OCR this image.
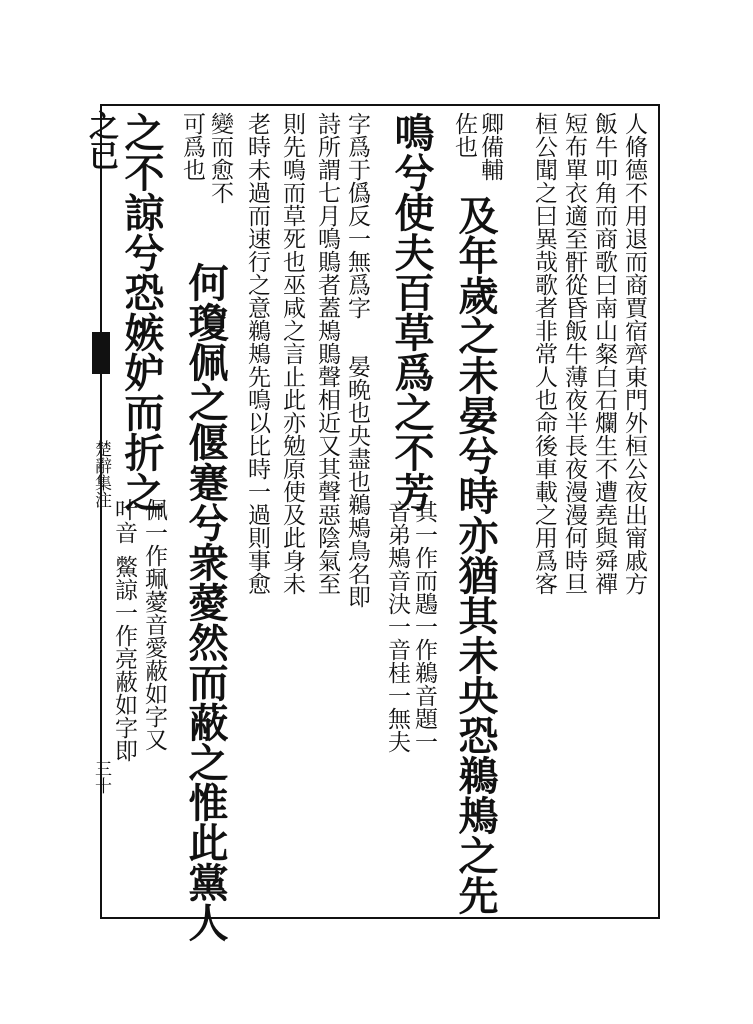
之已
楚辭集注
三十
人脩德不用退而商賈宿齊東門外桓公夜出甯戚方
飯牛叩角而商歌曰南山粲白石爛生不遭堯與舜禪
短布單衣適至骭從昏飯牛薄夜半長夜漫漫何時旦
桓公聞之曰異哉歌者非常人也命後車載之用爲客
卿備輔
及年歲之未晏兮時亦猶其未央恐鵜鴂之先
佐也
鳴兮使夫百草爲之不芳
其一作而鶗一作鵜音題一
音弟鴂音決一音桂一無夫
字爲于僞反一無爲字
晏晩也央盡也鵜鴂鳥名即
詩所謂七月鳴鵙者蓋鴂鵙聲相近又其聲惡陰氣至
則先鳴而草死也巫咸之言止此亦勉原使及此身未
老時未過而速行之意鵜鴂先鳴以比時一過則事愈
變而愈不
何瓊佩之偃蹇兮衆薆然而蔽之惟此黨人
可爲也
之不諒兮恐嫉妒而折之
佩一作珮薆音愛蔽如字又
叶音
鱉諒一作亮蔽如字即
